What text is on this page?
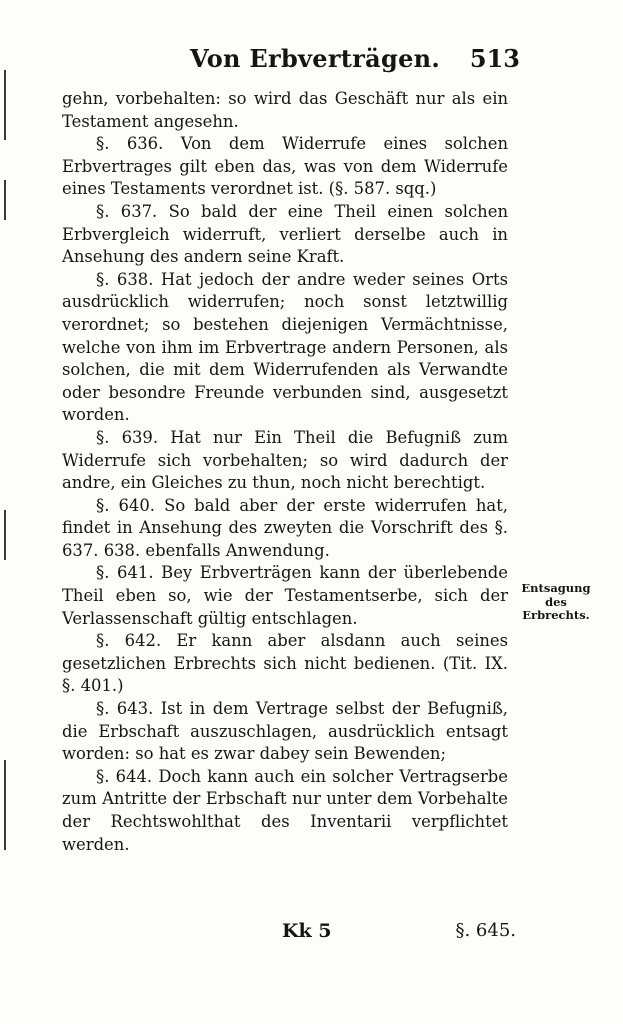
Von Erbverträgen. 513

gehn, vorbehalten: so wird das Geschäft nur als ein Testament angesehn.

§. 636. Von dem Widerrufe eines solchen Erbvertrages gilt eben das, was von dem Widerrufe eines Testaments verordnet ist. (§. 587. sqq.)

§. 637. So bald der eine Theil einen solchen Erbvergleich widerruft, verliert derselbe auch in Ansehung des andern seine Kraft.

§. 638. Hat jedoch der andre weder seines Orts ausdrücklich widerrufen; noch sonst letztwillig verordnet; so bestehen diejenigen Vermächtnisse, welche von ihm im Erbvertrage andern Personen, als solchen, die mit dem Widerrufenden als Verwandte oder besondre Freunde verbunden sind, ausgesetzt worden.

§. 639. Hat nur Ein Theil die Befugniß zum Widerrufe sich vorbehalten; so wird dadurch der andre, ein Gleiches zu thun, noch nicht berechtigt.

§. 640. So bald aber der erste widerrufen hat, findet in Ansehung des zweyten die Vorschrift des §. 637. 638. ebenfalls Anwendung.

§. 641. Bey Erbverträgen kann der überlebende Theil eben so, wie der Testamentserbe, sich der Verlassenschaft gültig entschlagen.

§. 642. Er kann aber alsdann auch seines gesetzlichen Erbrechts sich nicht bedienen. (Tit. IX. §. 401.)

§. 643. Ist in dem Vertrage selbst der Befugniß, die Erbschaft auszuschlagen, ausdrücklich entsagt worden: so hat es zwar dabey sein Bewenden;

§. 644. Doch kann auch ein solcher Vertragserbe zum Antritte der Erbschaft nur unter dem Vorbehalte der Rechtswohlthat des Inventarii verpflichtet werden.

Entsagung des Erbrechts.
Kk 5	§. 645.
